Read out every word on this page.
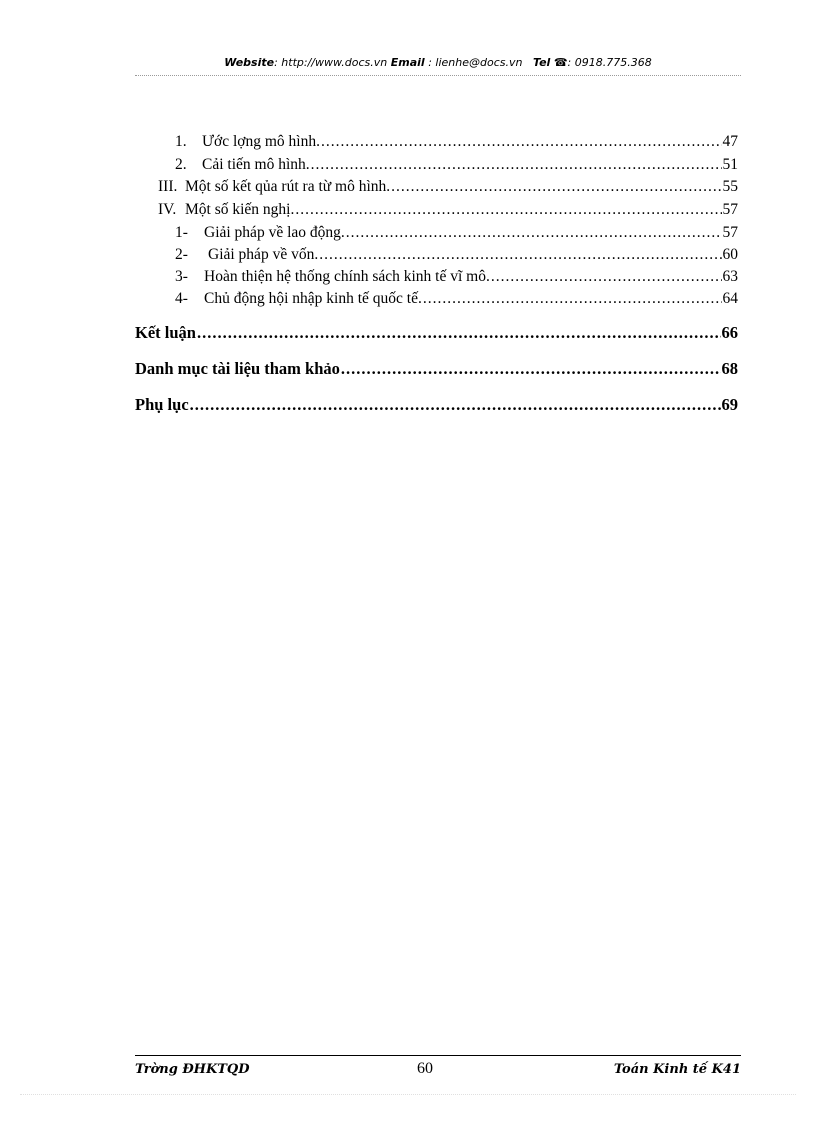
Website: http://www.docs.vn Email : lienhe@docs.vn Tel ☎: 0918.775.368
1. Ước lợng mô hình. .....	47
2. Cải tiến mô hình. .....	51
III. Một số kết qủa rút ra từ mô hình. .....	55
IV. Một số kiến nghị. .....	57
1-	Giải pháp về lao động. .....	57
2-	Giải pháp về vốn. .....	60
3-	Hoàn thiện hệ thống chính sách kinh tế vĩ mô. .....	63
4-	Chủ động hội nhập kinh tế quốc tế. .....	64
Kết luận .....	66
Danh mục tài liệu tham khảo .....	68
Phụ lục .....	69
Trờng ĐHKTQD	60	Toán Kinh tế K41
